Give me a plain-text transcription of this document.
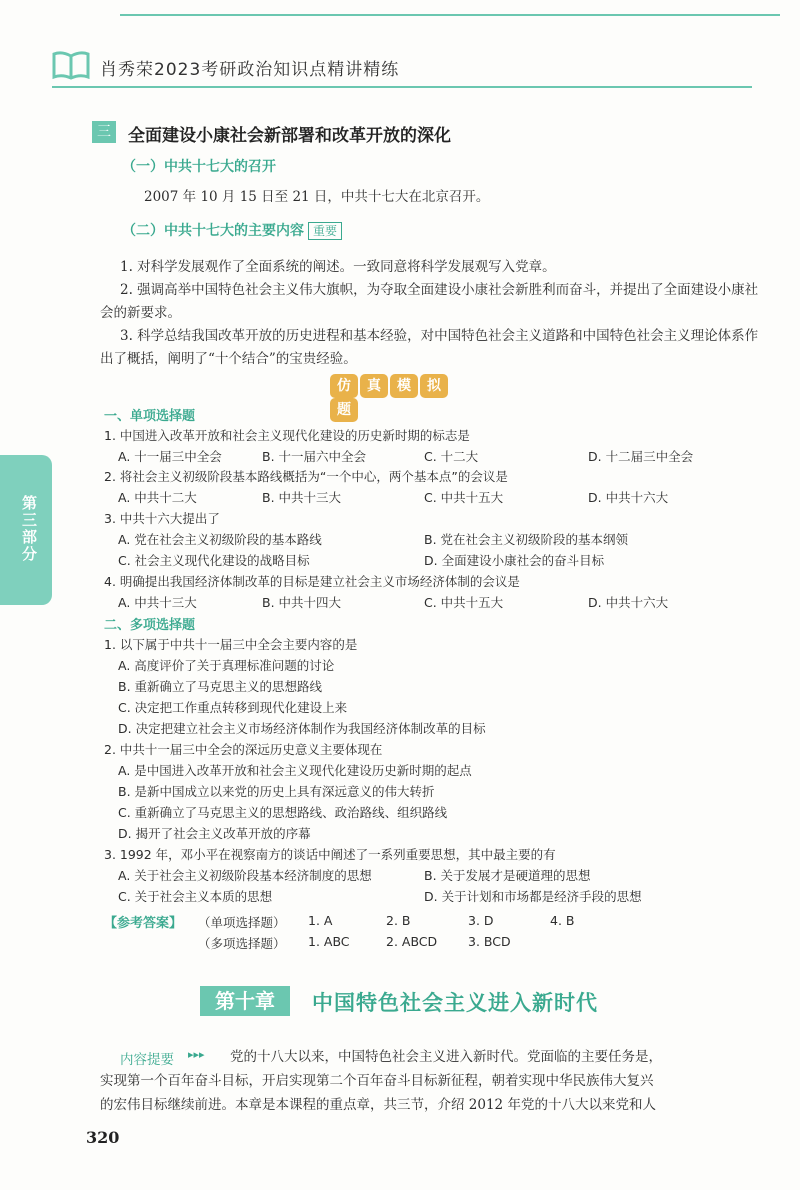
肖秀荣2023考研政治知识点精讲精练
三 全面建设小康社会新部署和改革开放的深化
（一）中共十七大的召开
2007 年 10 月 15 日至 21 日，中共十七大在北京召开。
（二）中共十七大的主要内容 重要
1. 对科学发展观作了全面系统的阐述。一致同意将科学发展观写入党章。
2. 强调高举中国特色社会主义伟大旗帜，为夺取全面建设小康社会新胜利而奋斗，并提出了全面建设小康社会的新要求。
3. 科学总结我国改革开放的历史进程和基本经验，对中国特色社会主义道路和中国特色社会主义理论体系作出了概括，阐明了“十个结合”的宝贵经验。
仿 真 模 拟 题
一、单项选择题
1. 中国进入改革开放和社会主义现代化建设的历史新时期的标志是
A. 十一届三中全会	B. 十一届六中全会	C. 十二大	D. 十二届三中全会
2. 将社会主义初级阶段基本路线概括为“一个中心，两个基本点”的会议是
A. 中共十二大	B. 中共十三大	C. 中共十五大	D. 中共十六大
3. 中共十六大提出了
A. 党在社会主义初级阶段的基本路线	B. 党在社会主义初级阶段的基本纲领
C. 社会主义现代化建设的战略目标	D. 全面建设小康社会的奋斗目标
4. 明确提出我国经济体制改革的目标是建立社会主义市场经济体制的会议是
A. 中共十三大	B. 中共十四大	C. 中共十五大	D. 中共十六大
二、多项选择题
1. 以下属于中共十一届三中全会主要内容的是
A. 高度评价了关于真理标准问题的讨论
B. 重新确立了马克思主义的思想路线
C. 决定把工作重点转移到现代化建设上来
D. 决定把建立社会主义市场经济体制作为我国经济体制改革的目标
2. 中共十一届三中全会的深远历史意义主要体现在
A. 是中国进入改革开放和社会主义现代化建设历史新时期的起点
B. 是新中国成立以来党的历史上具有深远意义的伟大转折
C. 重新确立了马克思主义的思想路线、政治路线、组织路线
D. 揭开了社会主义改革开放的序幕
3. 1992 年，邓小平在视察南方的谈话中阐述了一系列重要思想，其中最主要的有
A. 关于社会主义初级阶段基本经济制度的思想	B. 关于发展才是硬道理的思想
C. 关于社会主义本质的思想	D. 关于计划和市场都是经济手段的思想
【参考答案】 （单项选择题） 1. A	2. B	3. D	4. B
（多项选择题） 1. ABC	2. ABCD 3. BCD
第三部分
第十章	中国特色社会主义进入新时代
内容提要 ▸▸▸ 党的十八大以来，中国特色社会主义进入新时代。党面临的主要任务是，
实现第一个百年奋斗目标，开启实现第二个百年奋斗目标新征程，朝着实现中华民族伟大复兴
的宏伟目标继续前进。本章是本课程的重点章，共三节，介绍 2012 年党的十八大以来党和人
320
